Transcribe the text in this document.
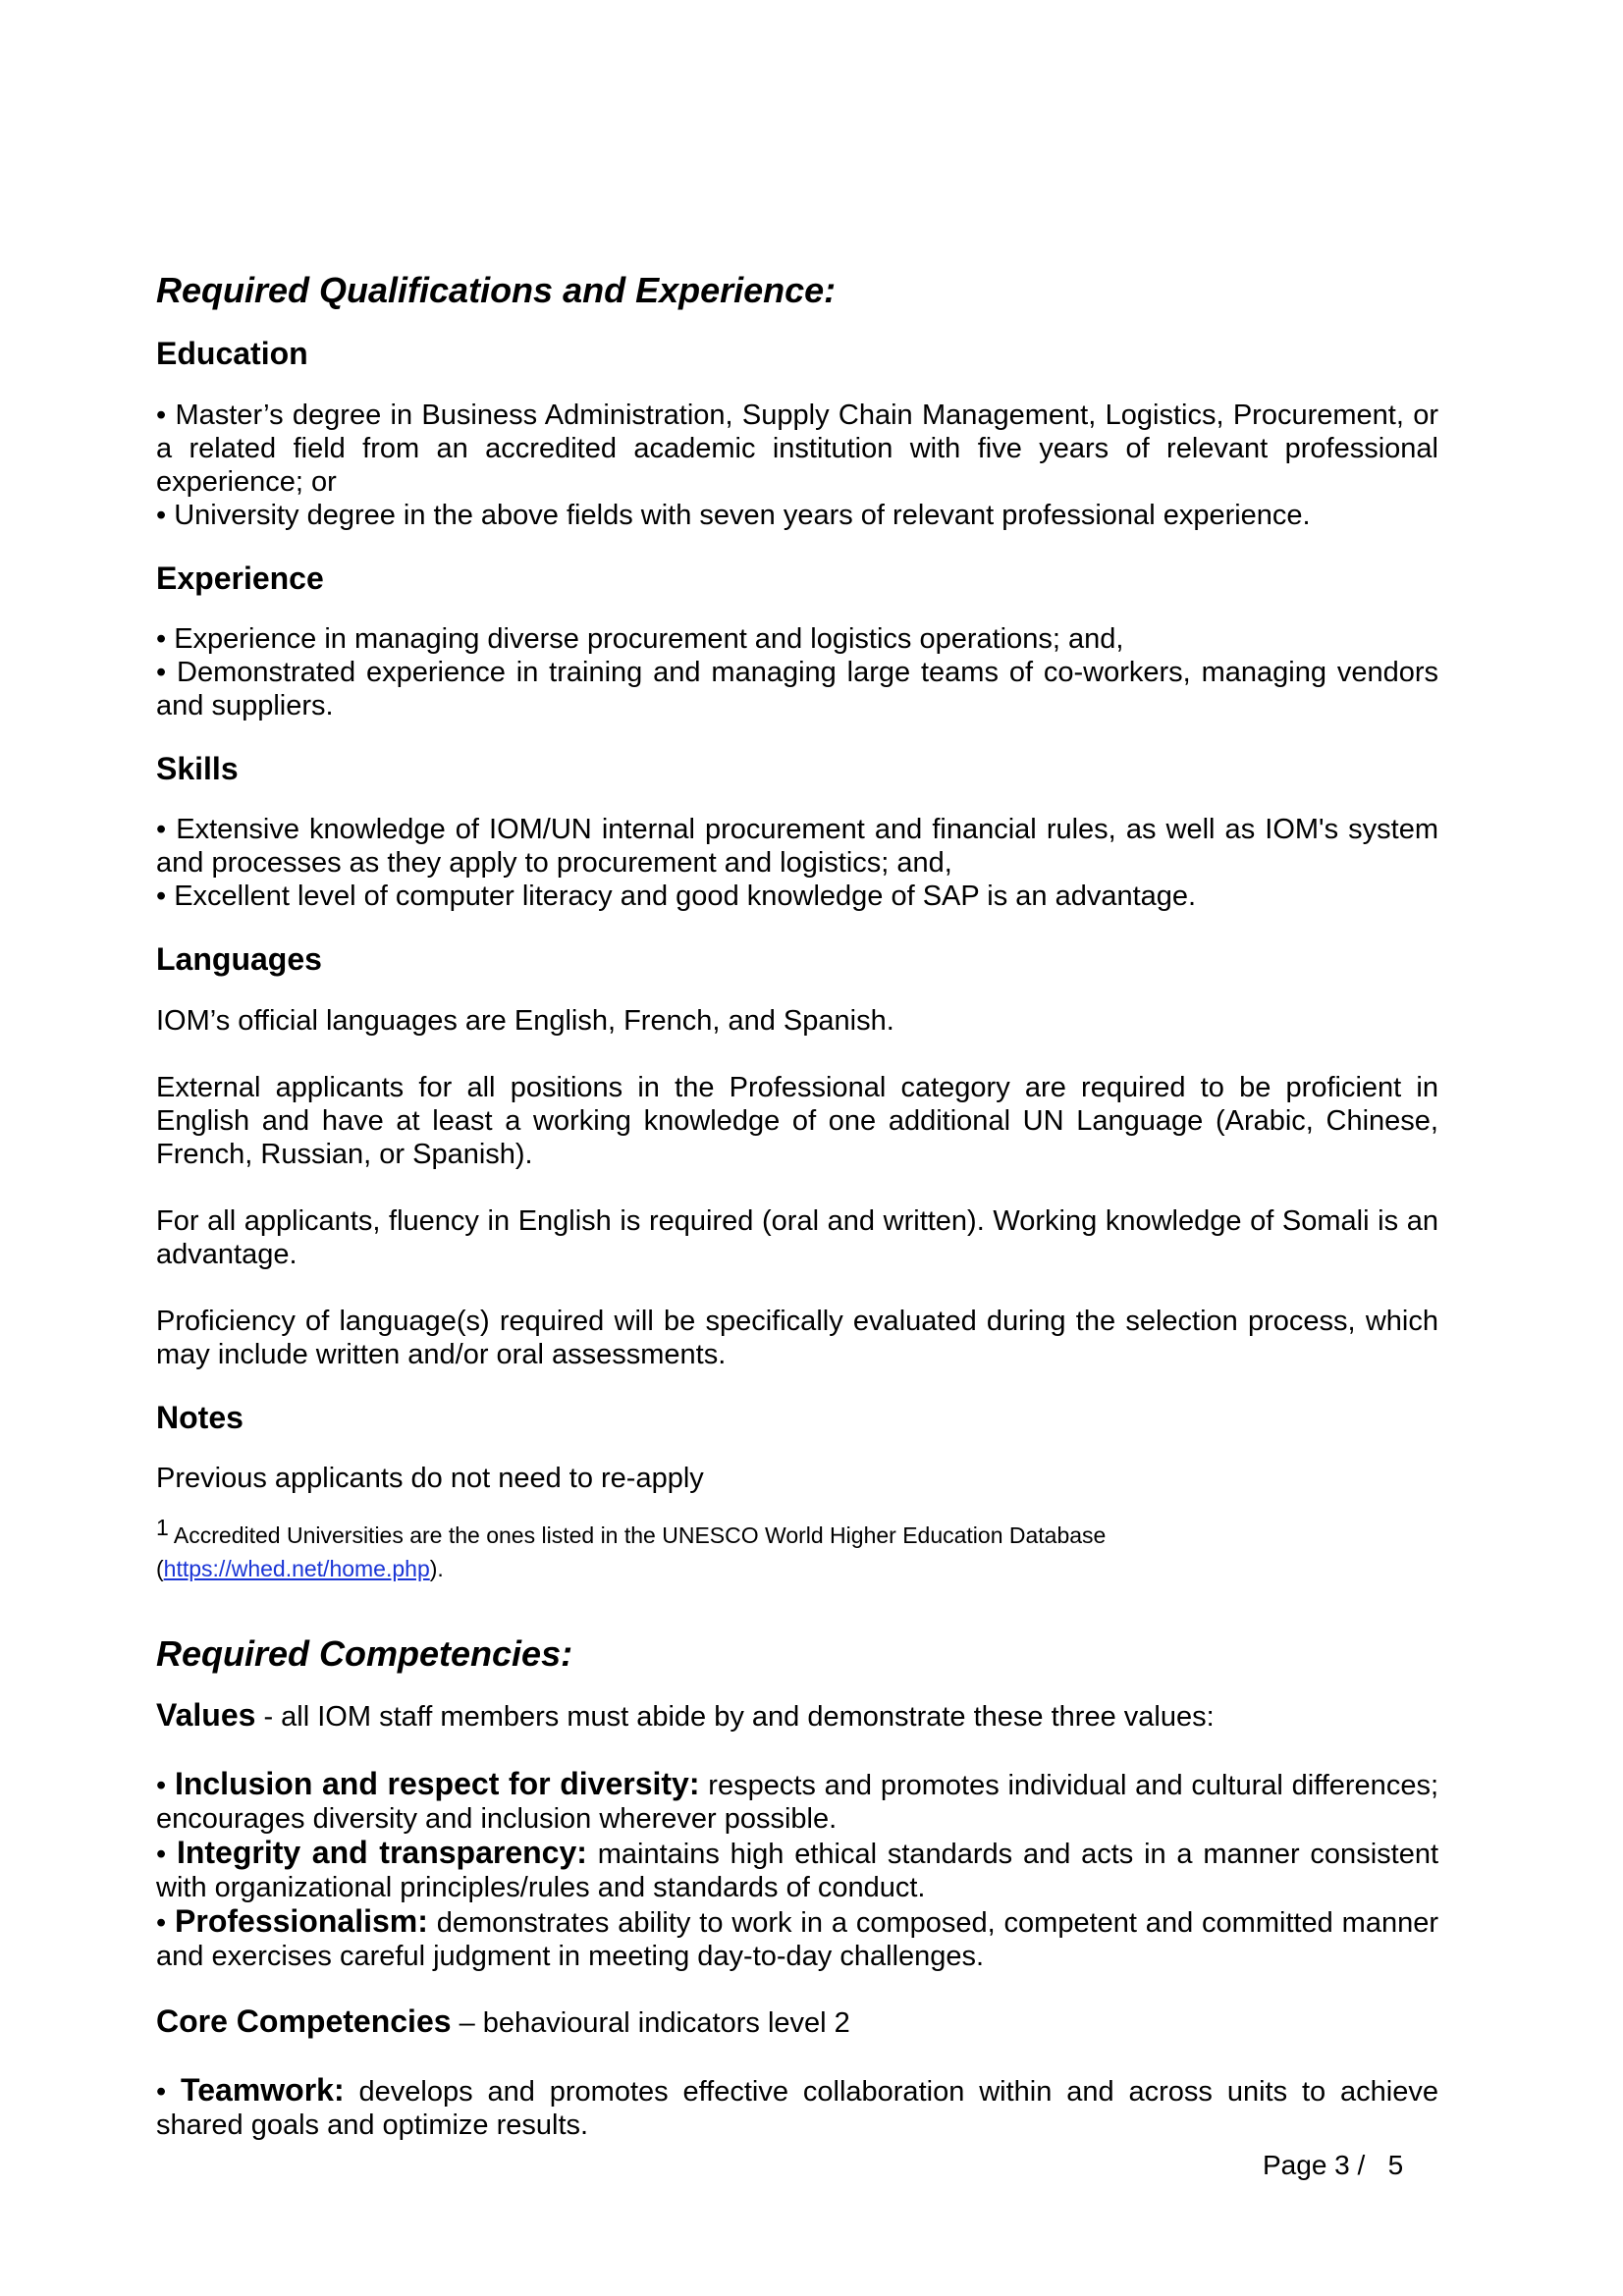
Required Qualifications and Experience:
Education

• Master’s degree in Business Administration, Supply Chain Management, Logistics, Procurement, or a related field from an accredited academic institution with five years of relevant professional experience; or

• University degree in the above fields with seven years of relevant professional experience.

Experience

• Experience in managing diverse procurement and logistics operations; and,

• Demonstrated experience in training and managing large teams of co-workers, managing vendors and suppliers.

Skills

• Extensive knowledge of IOM/UN internal procurement and financial rules, as well as IOM's system and processes as they apply to procurement and logistics; and,

• Excellent level of computer literacy and good knowledge of SAP is an advantage.

Languages

IOM’s official languages are English, French, and Spanish.

External applicants for all positions in the Professional category are required to be proficient in English and have at least a working knowledge of one additional UN Language (Arabic, Chinese, French, Russian, or Spanish).

For all applicants, fluency in English is required (oral and written). Working knowledge of Somali is an advantage.

Proficiency of language(s) required will be specifically evaluated during the selection process, which may include written and/or oral assessments.

Notes

Previous applicants do not need to re-apply

$^1$ Accredited Universities are the ones listed in the UNESCO World Higher Education Database
(https://whed.net/home.php).
Required Competencies:

Values - all IOM staff members must abide by and demonstrate these three values:

• Inclusion and respect for diversity: respects and promotes individual and cultural differences; encourages diversity and inclusion wherever possible.

• Integrity and transparency: maintains high ethical standards and acts in a manner consistent with organizational principles/rules and standards of conduct.

• Professionalism: demonstrates ability to work in a composed, competent and committed manner and exercises careful judgment in meeting day-to-day challenges.

Core Competencies – behavioural indicators level 2

• Teamwork: develops and promotes effective collaboration within and across units to achieve shared goals and optimize results.

Page 3 /   5
